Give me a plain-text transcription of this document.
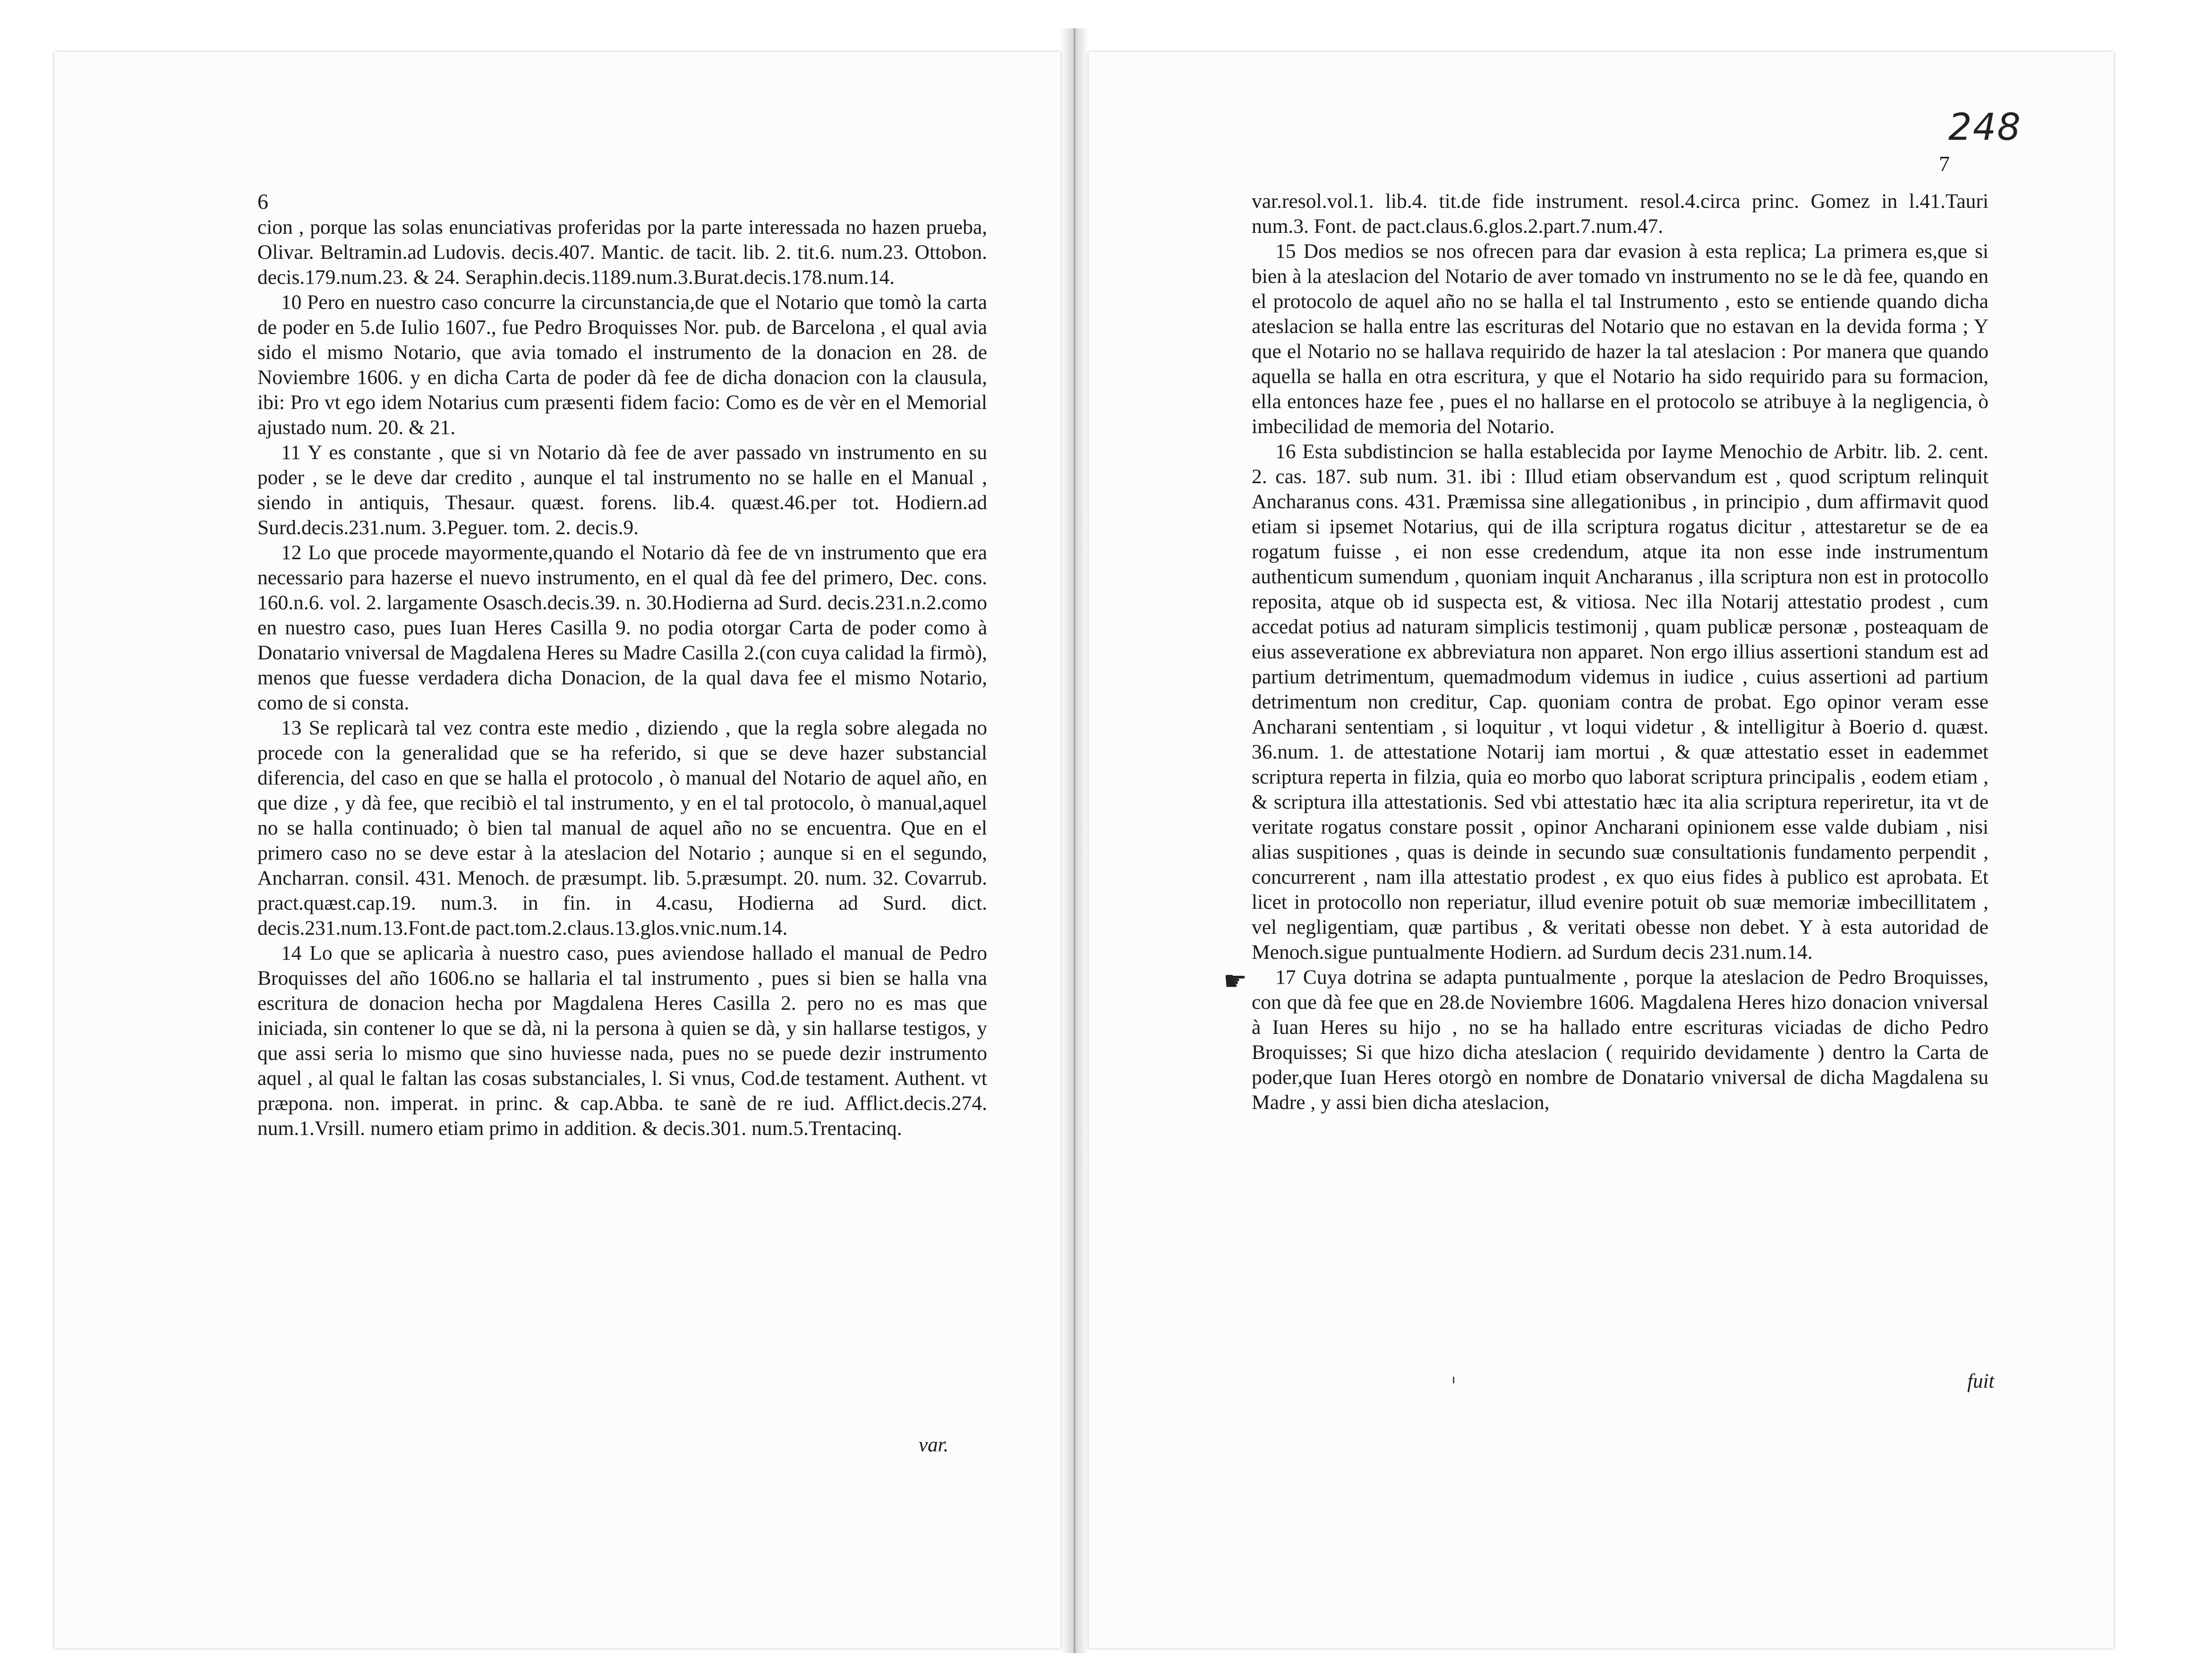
6

cion , porque las solas enunciativas proferidas por la parte interessada no hazen prueba, Olivar. Beltramin.ad Ludovis. decis.407. Mantic. de tacit. lib. 2. tit.6. num.23. Ottobon. decis.179.num.23. & 24. Seraphin.decis.1189.num.3.Burat.decis.178.num.14.

10 Pero en nuestro caso concurre la circunstancia,de que el Notario que tomò la carta de poder en 5.de Iulio 1607., fue Pedro Broquisses Nor. pub. de Barcelona , el qual avia sido el mismo Notario, que avia tomado el instrumento de la donacion en 28. de Noviembre 1606. y en dicha Carta de poder dà fee de dicha donacion con la clausula, ibi: Pro vt ego idem Notarius cum præsenti fidem facio: Como es de vèr en el Memorial ajustado num. 20. & 21.

11 Y es constante , que si vn Notario dà fee de aver passado vn instrumento en su poder , se le deve dar credito , aunque el tal instrumento no se halle en el Manual , siendo in antiquis, Thesaur. quæst. forens. lib.4. quæst.46.per tot. Hodiern.ad Surd.decis.231.num. 3.Peguer. tom. 2. decis.9.

12 Lo que procede mayormente,quando el Notario dà fee de vn instrumento que era necessario para hazerse el nuevo instrumento, en el qual dà fee del primero, Dec. cons. 160.n.6. vol. 2. largamente Osasch.decis.39. n. 30.Hodierna ad Surd. decis.231.n.2.como en nuestro caso, pues Iuan Heres Casilla 9. no podia otorgar Carta de poder como à Donatario vniversal de Magdalena Heres su Madre Casilla 2.(con cuya calidad la firmò), menos que fuesse verdadera dicha Donacion, de la qual dava fee el mismo Notario, como de si consta.

13 Se replicarà tal vez contra este medio , diziendo , que la regla sobre alegada no procede con la generalidad que se ha referido, si que se deve hazer substancial diferencia, del caso en que se halla el protocolo , ò manual del Notario de aquel año, en que dize , y dà fee, que recibiò el tal instrumento, y en el tal protocolo, ò manual,aquel no se halla continuado; ò bien tal manual de aquel año no se encuentra. Que en el primero caso no se deve estar à la ateslacion del Notario ; aunque si en el segundo, Ancharran. consil. 431. Menoch. de præsumpt. lib. 5.præsumpt. 20. num. 32. Covarrub. pract.quæst.cap.19. num.3. in fin. in 4.casu, Hodierna ad Surd. dict. decis.231.num.13.Font.de pact.tom.2.claus.13.glos.vnic.num.14.

14 Lo que se aplicarìa à nuestro caso, pues aviendose hallado el manual de Pedro Broquisses del año 1606.no se hallaria el tal instrumento , pues si bien se halla vna escritura de donacion hecha por Magdalena Heres Casilla 2. pero no es mas que iniciada, sin contener lo que se dà, ni la persona à quien se dà, y sin hallarse testigos, y que assi seria lo mismo que sino huviesse nada, pues no se puede dezir instrumento aquel , al qual le faltan las cosas substanciales, l. Si vnus, Cod.de testament. Authent. vt præpona. non. imperat. in princ. & cap.Abba. te sanè de re iud. Afflict.decis.274. num.1.Vrsill. numero etiam primo in addition. & decis.301. num.5.Trentacinq.

var.
248
7

var.resol.vol.1. lib.4. tit.de fide instrument. resol.4.circa princ. Gomez in l.41.Tauri num.3. Font. de pact.claus.6.glos.2.part.7.num.47.

15 Dos medios se nos ofrecen para dar evasion à esta replica; La primera es,que si bien à la ateslacion del Notario de aver tomado vn instrumento no se le dà fee, quando en el protocolo de aquel año no se halla el tal Instrumento , esto se entiende quando dicha ateslacion se halla entre las escrituras del Notario que no estavan en la devida forma ; Y que el Notario no se hallava requirido de hazer la tal ateslacion : Por manera que quando aquella se halla en otra escritura, y que el Notario ha sido requirido para su formacion, ella entonces haze fee , pues el no hallarse en el protocolo se atribuye à la negligencia, ò imbecilidad de memoria del Notario.

16 Esta subdistincion se halla establecida por Iayme Menochio de Arbitr. lib. 2. cent. 2. cas. 187. sub num. 31. ibi : Illud etiam observandum est , quod scriptum relinquit Ancharanus cons. 431. Præmissa sine allegationibus , in principio , dum affirmavit quod etiam si ipsemet Notarius, qui de illa scriptura rogatus dicitur , attestaretur se de ea rogatum fuisse , ei non esse credendum, atque ita non esse inde instrumentum authenticum sumendum , quoniam inquit Ancharanus , illa scriptura non est in protocollo reposita, atque ob id suspecta est, & vitiosa. Nec illa Notarij attestatio prodest , cum accedat potius ad naturam simplicis testimonij , quam publicæ personæ , posteaquam de eius asseveratione ex abbreviatura non apparet. Non ergo illius assertioni standum est ad partium detrimentum, quemadmodum videmus in iudice , cuius assertioni ad partium detrimentum non creditur, Cap. quoniam contra de probat. Ego opinor veram esse Ancharani sententiam , si loquitur , vt loqui videtur , & intelligitur à Boerio d. quæst. 36.num. 1. de attestatione Notarij iam mortui , & quæ attestatio esset in eademmet scriptura reperta in filzia, quia eo morbo quo laborat scriptura principalis , eodem etiam , & scriptura illa attestationis. Sed vbi attestatio hæc ita alia scriptura reperiretur, ita vt de veritate rogatus constare possit , opinor Ancharani opinionem esse valde dubiam , nisi alias suspitiones , quas is deinde in secundo suæ consultationis fundamento perpendit , concurrerent , nam illa attestatio prodest , ex quo eius fides à publico est aprobata. Et licet in protocollo non reperiatur, illud evenire potuit ob suæ memoriæ imbecillitatem , vel negligentiam, quæ partibus , & veritati obesse non debet. Y à esta autoridad de Menoch.sigue puntualmente Hodiern. ad Surdum decis 231.num.14.

17 Cuya dotrina se adapta puntualmente , porque la ateslacion de Pedro Broquisses, con que dà fee que en 28.de Noviembre 1606. Magdalena Heres hizo donacion vniversal à Iuan Heres su hijo , no se ha hallado entre escrituras viciadas de dicho Pedro Broquisses; Si que hizo dicha ateslacion ( requirido devidamente ) dentro la Carta de poder,que Iuan Heres otorgò en nombre de Donatario vniversal de dicha Magdalena su Madre , y assi bien dicha ateslacion,

fuit
☛
